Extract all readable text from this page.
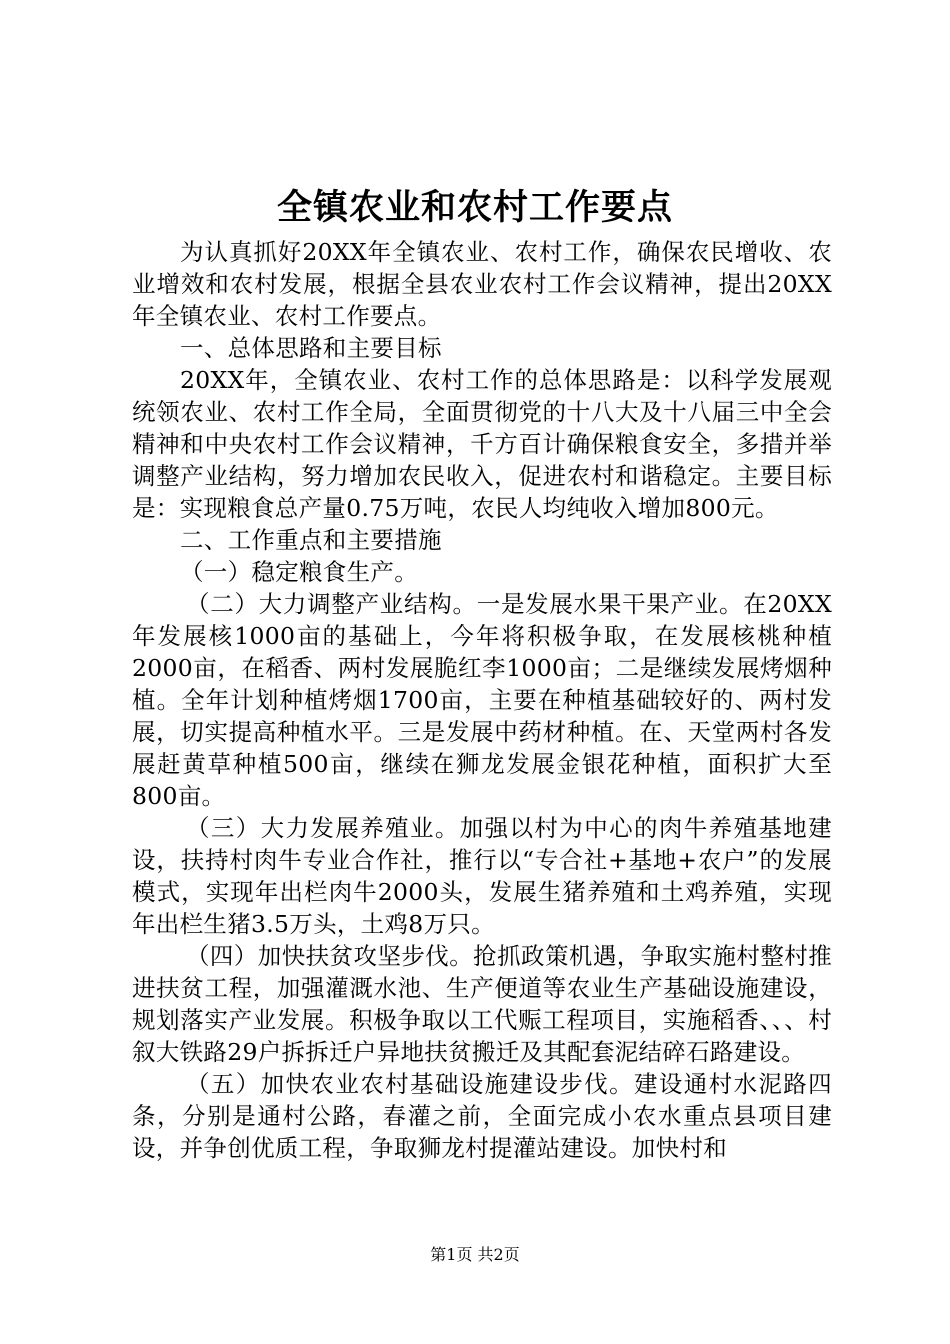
全镇农业和农村工作要点

为认真抓好20XX年全镇农业、农村工作，确保农民增收、农业增效和农村发展，根据全县农业农村工作会议精神，提出20XX年全镇农业、农村工作要点。

一、总体思路和主要目标

20XX年，全镇农业、农村工作的总体思路是：以科学发展观统领农业、农村工作全局，全面贯彻党的十八大及十八届三中全会精神和中央农村工作会议精神，千方百计确保粮食安全，多措并举调整产业结构，努力增加农民收入，促进农村和谐稳定。主要目标是：实现粮食总产量0.75万吨，农民人均纯收入增加800元。

二、工作重点和主要措施

（一）稳定粮食生产。

（二）大力调整产业结构。一是发展水果干果产业。在20XX年发展核1000亩的基础上，今年将积极争取，在发展核桃种植2000亩，在稻香、两村发展脆红李1000亩；二是继续发展烤烟种植。全年计划种植烤烟1700亩，主要在种植基础较好的、两村发展，切实提高种植水平。三是发展中药材种植。在、天堂两村各发展赶黄草种植500亩，继续在狮龙发展金银花种植，面积扩大至800亩。

（三）大力发展养殖业。加强以村为中心的肉牛养殖基地建设，扶持村肉牛专业合作社，推行以“专合社+基地+农户”的发展模式，实现年出栏肉牛2000头，发展生猪养殖和土鸡养殖，实现年出栏生猪3.5万头，土鸡8万只。

（四）加快扶贫攻坚步伐。抢抓政策机遇，争取实施村整村推进扶贫工程，加强灌溉水池、生产便道等农业生产基础设施建设，规划落实产业发展。积极争取以工代赈工程项目，实施稻香、、、村叙大铁路29户拆拆迁户异地扶贫搬迁及其配套泥结碎石路建设。

（五）加快农业农村基础设施建设步伐。建设通村水泥路四条，分别是通村公路，春灌之前，全面完成小农水重点县项目建设，并争创优质工程，争取狮龙村提灌站建设。加快村和

第1页 共2页
